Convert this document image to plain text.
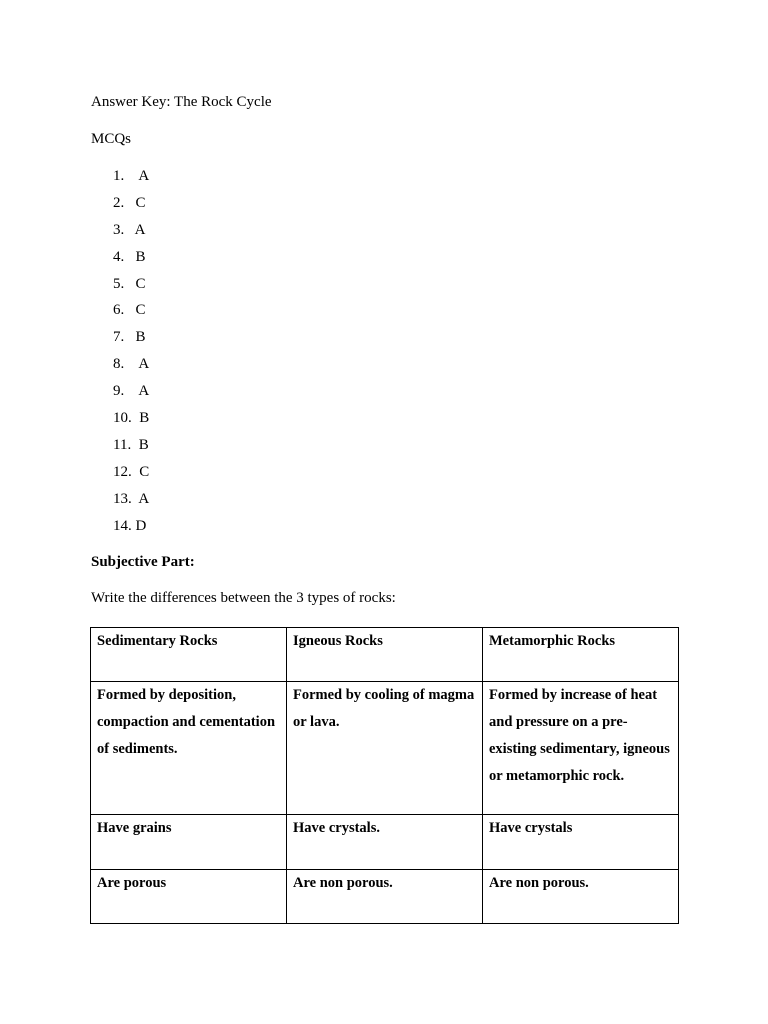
Answer Key: The Rock Cycle
MCQs
1.    A
2.   C
3.   A
4.   B
5.   C
6.   C
7.   B
8.    A
9.    A
10.  B
11.  B
12.  C
13.  A
14. D
Subjective Part:
Write the differences between the 3 types of rocks:
Sedimentary Rocks	Igneous Rocks	Metamorphic Rocks

Formed by deposition, compaction and cementation of sediments.	Formed by cooling of magma or lava.	Formed by increase of heat and pressure on a pre-existing sedimentary, igneous or metamorphic rock.

Have grains	Have crystals.	Have crystals

Are porous	Are non porous.	Are non porous.
